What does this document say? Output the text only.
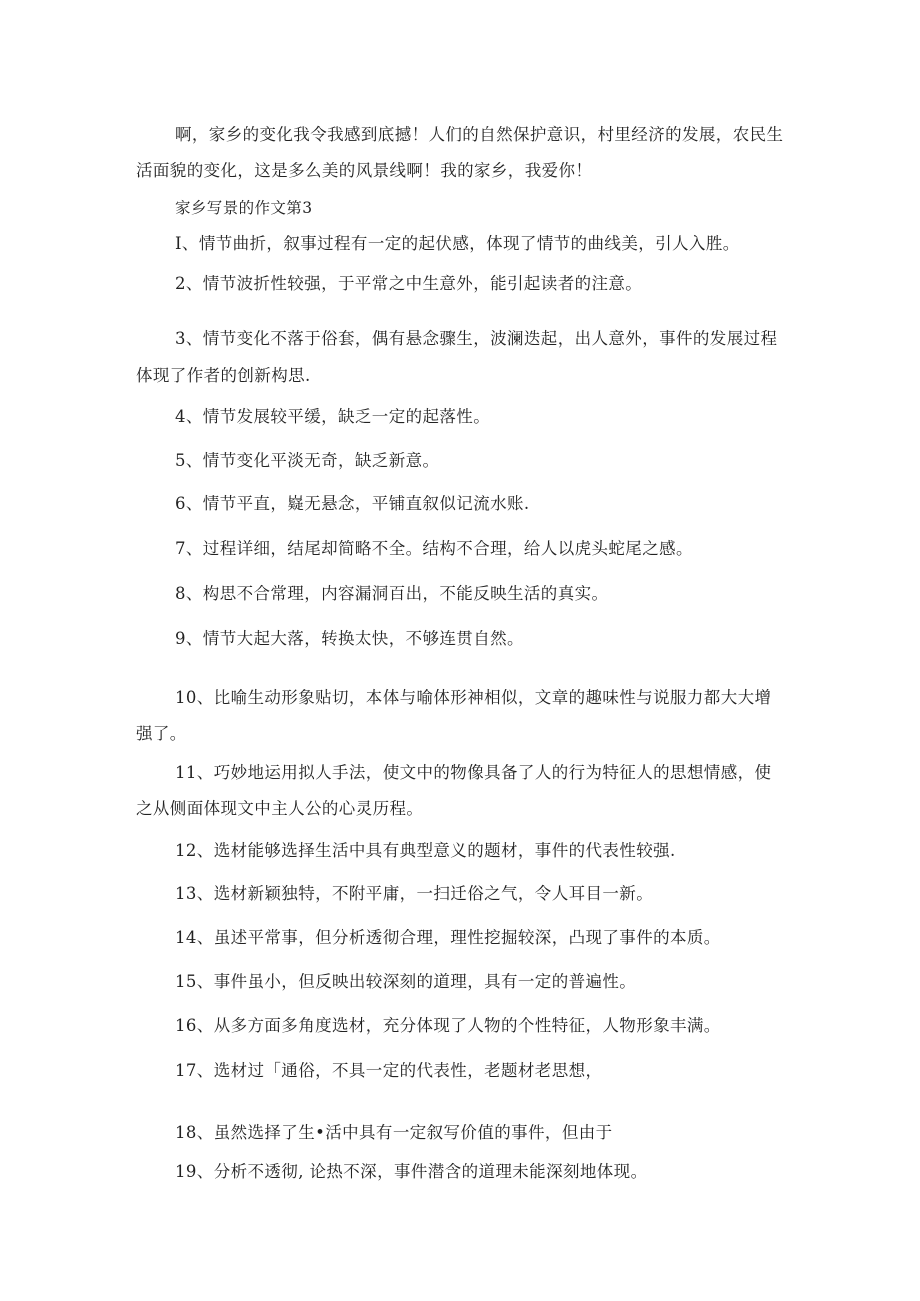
啊，家乡的变化我令我感到底撼！人们的自然保护意识，村里经济的发展，农民生
活面貌的变化，这是多么美的风景线啊！我的家乡，我爱你！
家乡写景的作文第3
I、情节曲折，叙事过程有一定的起伏感，体现了情节的曲线美，引人入胜。
2、情节波折性较强，于平常之中生意外，能引起读者的注意。
3、情节变化不落于俗套，偶有悬念骤生，波澜迭起，出人意外，事件的发展过程
体现了作者的创新构思.
4、情节发展较平缓，缺乏一定的起落性。
5、情节变化平淡无奇，缺乏新意。
6、情节平直，嶷无悬念，平铺直叙似记流水账.
7、过程详细，结尾却简略不全。结构不合理，给人以虎头蛇尾之感。
8、构思不合常理，内容漏洞百出，不能反映生活的真实。
9、情节大起大落，转换太快，不够连贯自然。
10、比喻生动形象贴切，本体与喻体形神相似，文章的趣味性与说服力都大大增
强了。
11、巧妙地运用拟人手法，使文中的物像具备了人的行为特征人的思想情感，使
之从侧面体现文中主人公的心灵历程。
12、选材能够选择生活中具有典型意义的题材，事件的代表性较强.
13、选材新颖独特，不附平庸，一扫迁俗之气，令人耳目一新。
14、虽述平常事，但分析透彻合理，理性挖掘较深，凸现了事件的本质。
15、事件虽小，但反映出较深刻的道理，具有一定的普遍性。
16、从多方面多角度选材，充分体现了人物的个性特征，人物形象丰满。
17、选材过「通俗，不具一定的代表性，老题材老思想，
18、虽然选择了生•活中具有一定叙写价值的事件，但由于
19、分析不透彻, 论热不深，事件潜含的道理未能深刻地体现。
